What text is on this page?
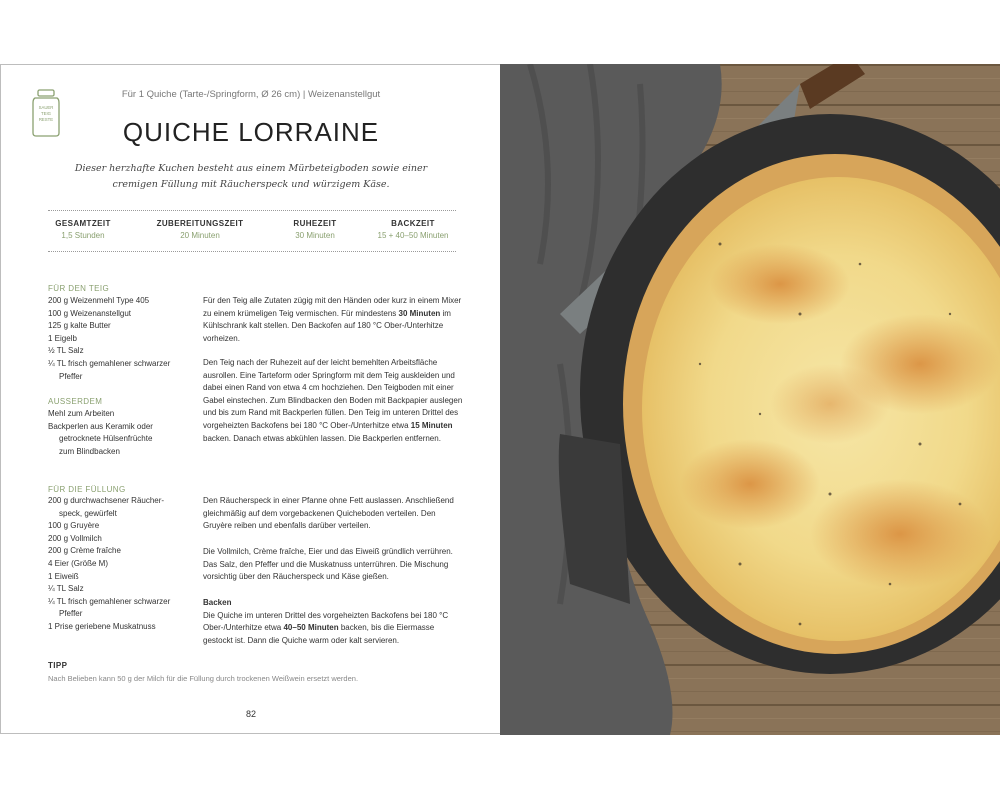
SAUER
TEIG
RESTE
Für 1 Quiche (Tarte-/Springform, Ø 26 cm) | Weizenanstellgut
QUICHE LORRAINE
Dieser herzhafte Kuchen besteht aus einem Mürbeteigboden sowie einer cremigen Füllung mit Räucherspeck und würzigem Käse.
GESAMTZEIT
1,5 Stunden
ZUBEREITUNGSZEIT
20 Minuten
RUHEZEIT
30 Minuten
BACKZEIT
15 + 40–50 Minuten
FÜR DEN TEIG
200 g Weizenmehl Type 405
100 g Weizenanstellgut
125 g kalte Butter
1 Eigelb
½ TL Salz
¼ TL frisch gemahlener schwarzer
Pfeffer
AUSSERDEM
Mehl zum Arbeiten
Backperlen aus Keramik oder
getrocknete Hülsenfrüchte
zum Blindbacken
Für den Teig alle Zutaten zügig mit den Händen oder kurz in einem Mixer zu einem krümeligen Teig vermischen. Für mindestens 30 Minuten im Kühlschrank kalt stellen. Den Backofen auf 180 °C Ober-/Unterhitze vorheizen.
Den Teig nach der Ruhezeit auf der leicht bemehlten Arbeitsfläche ausrollen. Eine Tarteform oder Springform mit dem Teig auskleiden und dabei einen Rand von etwa 4 cm hochziehen. Den Teigboden mit einer Gabel einstechen. Zum Blindbacken den Boden mit Backpapier auslegen und bis zum Rand mit Backperlen füllen. Den Teig im unteren Drittel des vorgeheizten Backofens bei 180 °C Ober-/Unterhitze etwa 15 Minuten backen. Danach etwas abkühlen lassen. Die Backperlen entfernen.
FÜR DIE FÜLLUNG
200 g durchwachsener Räucher-
speck, gewürfelt
100 g Gruyère
200 g Vollmilch
200 g Crème fraîche
4 Eier (Größe M)
1 Eiweiß
¼ TL Salz
¼ TL frisch gemahlener schwarzer
Pfeffer
1 Prise geriebene Muskatnuss
Den Räucherspeck in einer Pfanne ohne Fett auslassen. Anschließend gleichmäßig auf dem vorgebackenen Quicheboden verteilen. Den Gruyère reiben und ebenfalls darüber verteilen.
Die Vollmilch, Crème fraîche, Eier und das Eiweiß gründlich verrühren. Das Salz, den Pfeffer und die Muskatnuss unterrühren. Die Mischung vorsichtig über den Räucherspeck und Käse gießen.
Backen
Die Quiche im unteren Drittel des vorgeheizten Backofens bei 180 °C Ober-/Unterhitze etwa 40–50 Minuten backen, bis die Eiermasse gestockt ist. Dann die Quiche warm oder kalt servieren.
TIPP
Nach Belieben kann 50 g der Milch für die Füllung durch trockenen Weißwein ersetzt werden.
82
